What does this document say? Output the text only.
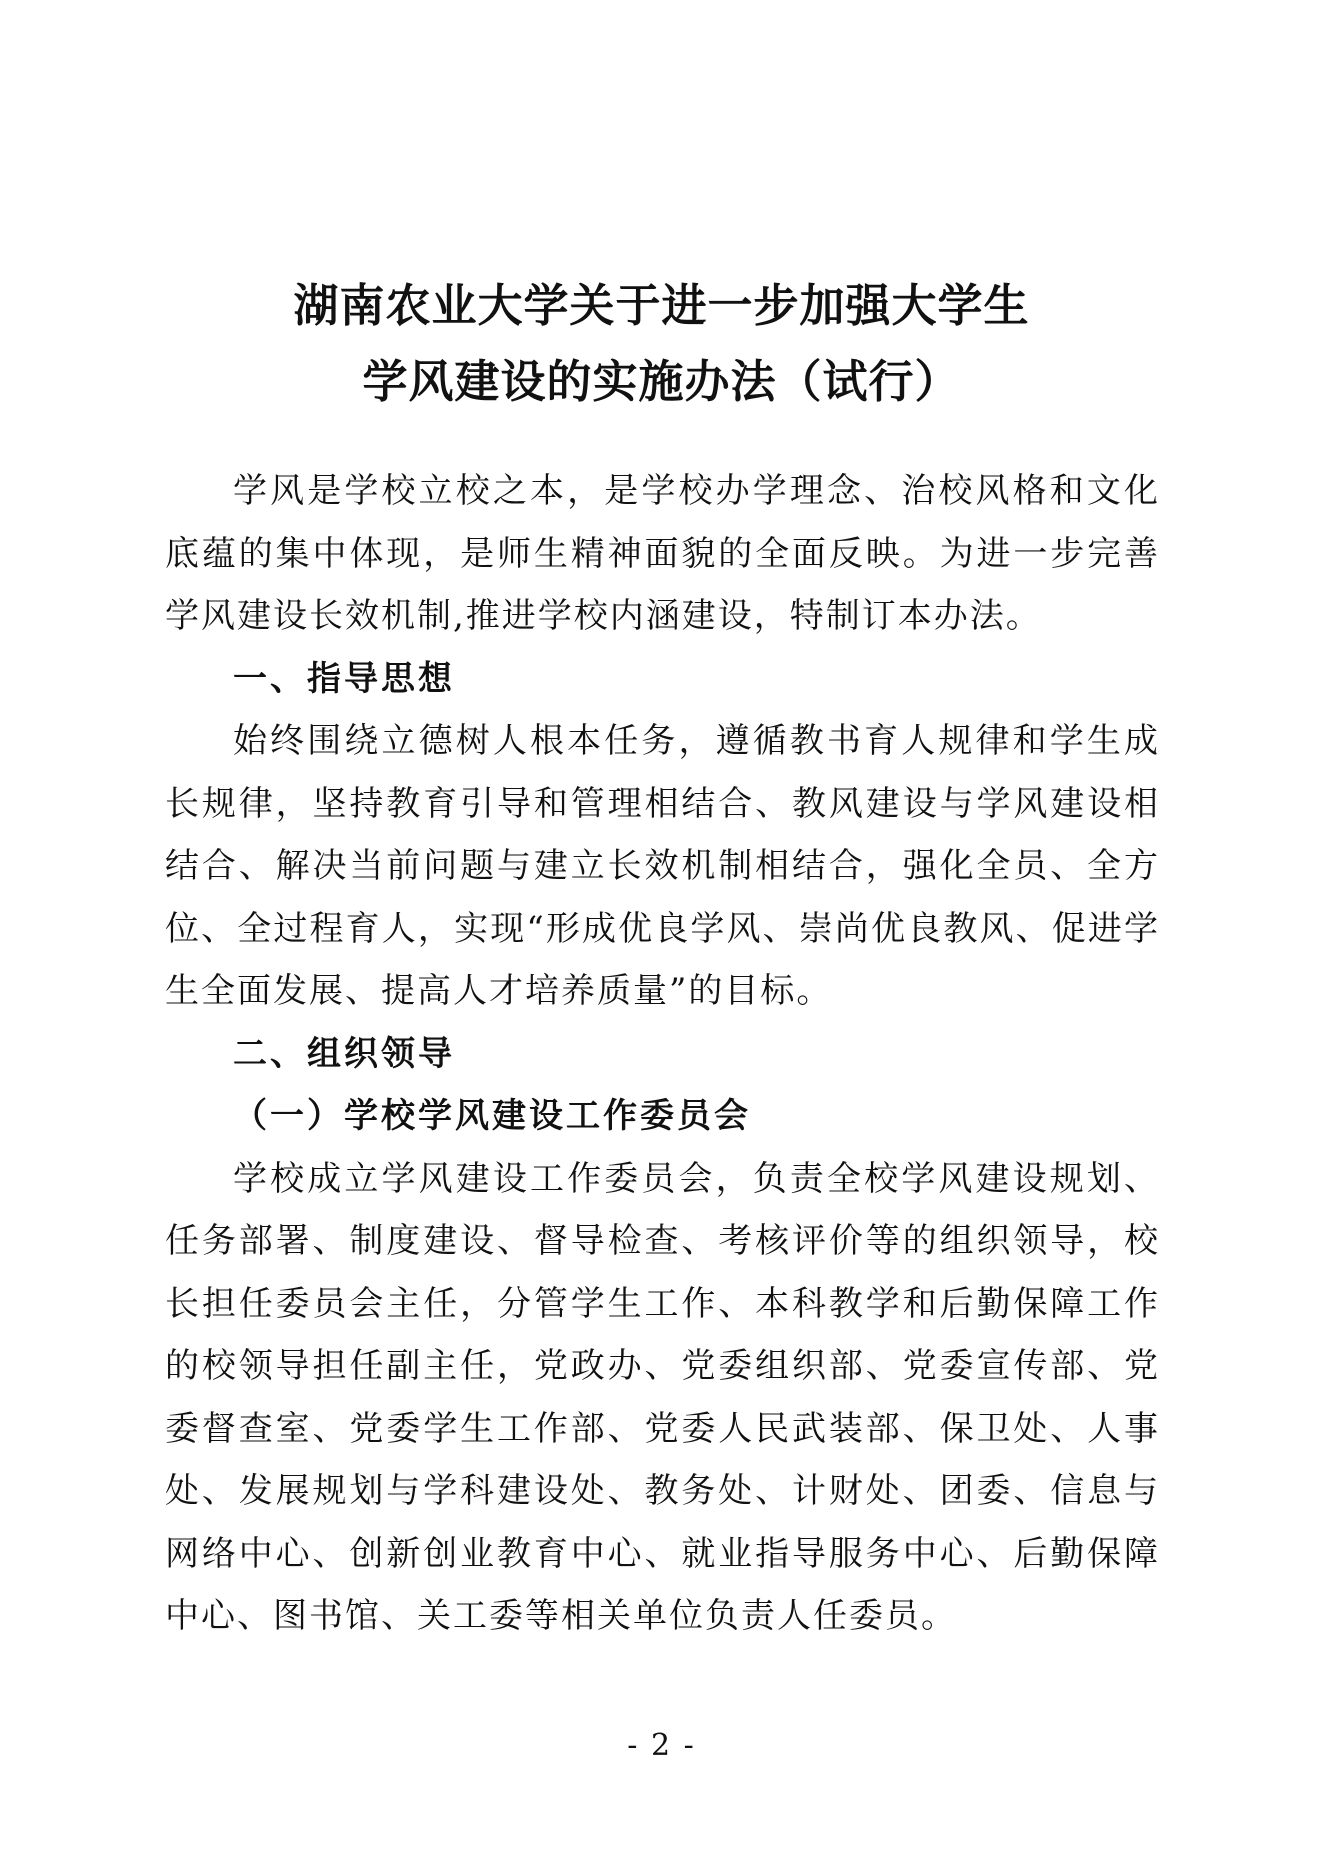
湖南农业大学关于进一步加强大学生
学风建设的实施办法（试行）

学风是学校立校之本，是学校办学理念、治校风格和文化底蕴的集中体现，是师生精神面貌的全面反映。为进一步完善学风建设长效机制,推进学校内涵建设，特制订本办法。

一、指导思想

始终围绕立德树人根本任务，遵循教书育人规律和学生成长规律，坚持教育引导和管理相结合、教风建设与学风建设相结合、解决当前问题与建立长效机制相结合，强化全员、全方位、全过程育人，实现“形成优良学风、崇尚优良教风、促进学生全面发展、提高人才培养质量”的目标。

二、组织领导

（一）学校学风建设工作委员会

学校成立学风建设工作委员会，负责全校学风建设规划、任务部署、制度建设、督导检查、考核评价等的组织领导，校长担任委员会主任，分管学生工作、本科教学和后勤保障工作的校领导担任副主任，党政办、党委组织部、党委宣传部、党委督查室、党委学生工作部、党委人民武装部、保卫处、人事处、发展规划与学科建设处、教务处、计财处、团委、信息与网络中心、创新创业教育中心、就业指导服务中心、后勤保障中心、图书馆、关工委等相关单位负责人任委员。

- 2 -
